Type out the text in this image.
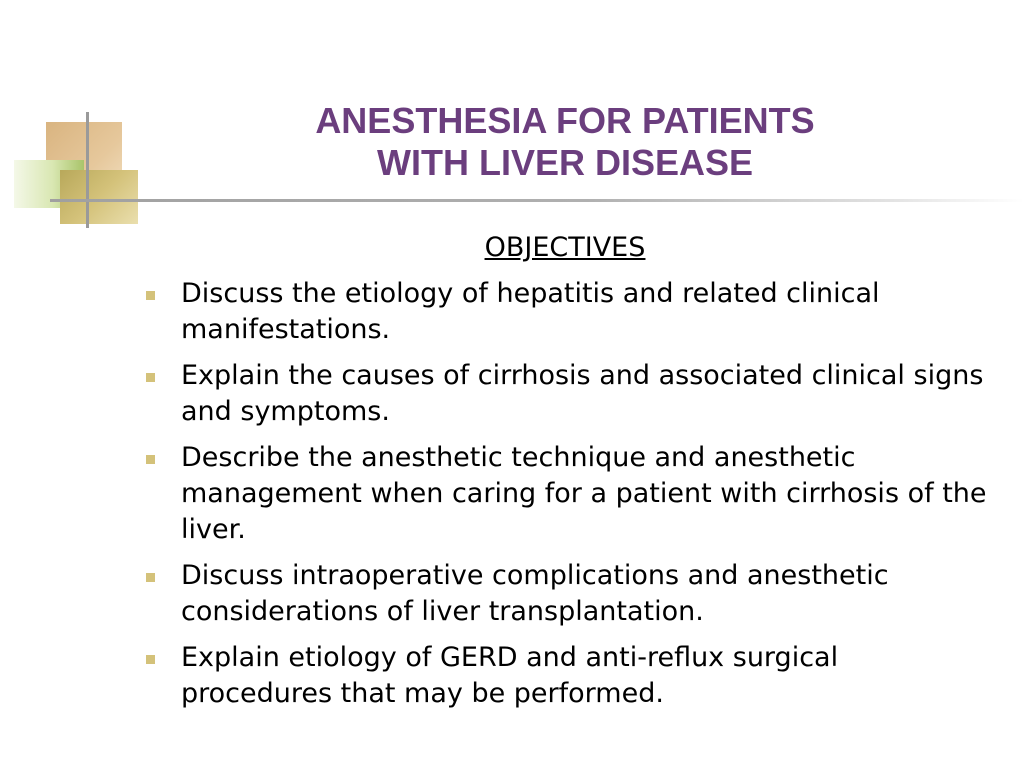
ANESTHESIA FOR PATIENTS
WITH LIVER DISEASE
OBJECTIVES
Discuss the etiology of hepatitis and related clinical manifestations.
Explain the causes of cirrhosis and associated clinical signs and symptoms.
Describe the anesthetic technique and anesthetic management when caring for a patient with cirrhosis of the liver.
Discuss intraoperative complications and anesthetic considerations of liver transplantation.
Explain etiology of GERD and anti-reflux surgical procedures that may be performed.
